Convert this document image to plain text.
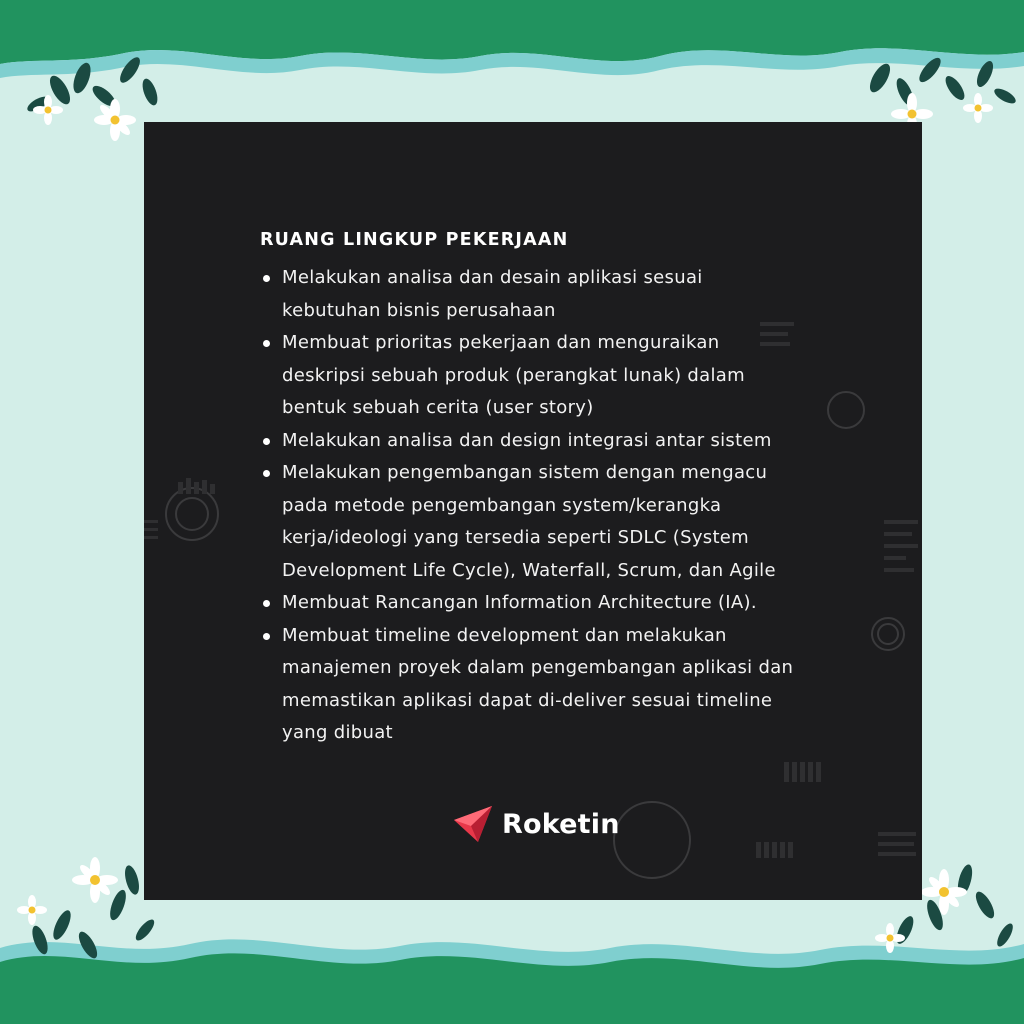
RUANG LINGKUP PEKERJAAN
Melakukan analisa dan desain aplikasi sesuai
kebutuhan bisnis perusahaan
Membuat prioritas pekerjaan dan menguraikan
deskripsi sebuah produk (perangkat lunak) dalam
bentuk sebuah cerita (user story)
Melakukan analisa dan design integrasi antar sistem
Melakukan pengembangan sistem dengan mengacu
pada metode pengembangan system/kerangka
kerja/ideologi yang tersedia seperti SDLC (System
Development Life Cycle), Waterfall, Scrum, dan Agile
Membuat Rancangan Information Architecture (IA).
Membuat timeline development dan melakukan
manajemen proyek dalam pengembangan aplikasi dan
memastikan aplikasi dapat di-deliver sesuai timeline
yang dibuat
Roketin
